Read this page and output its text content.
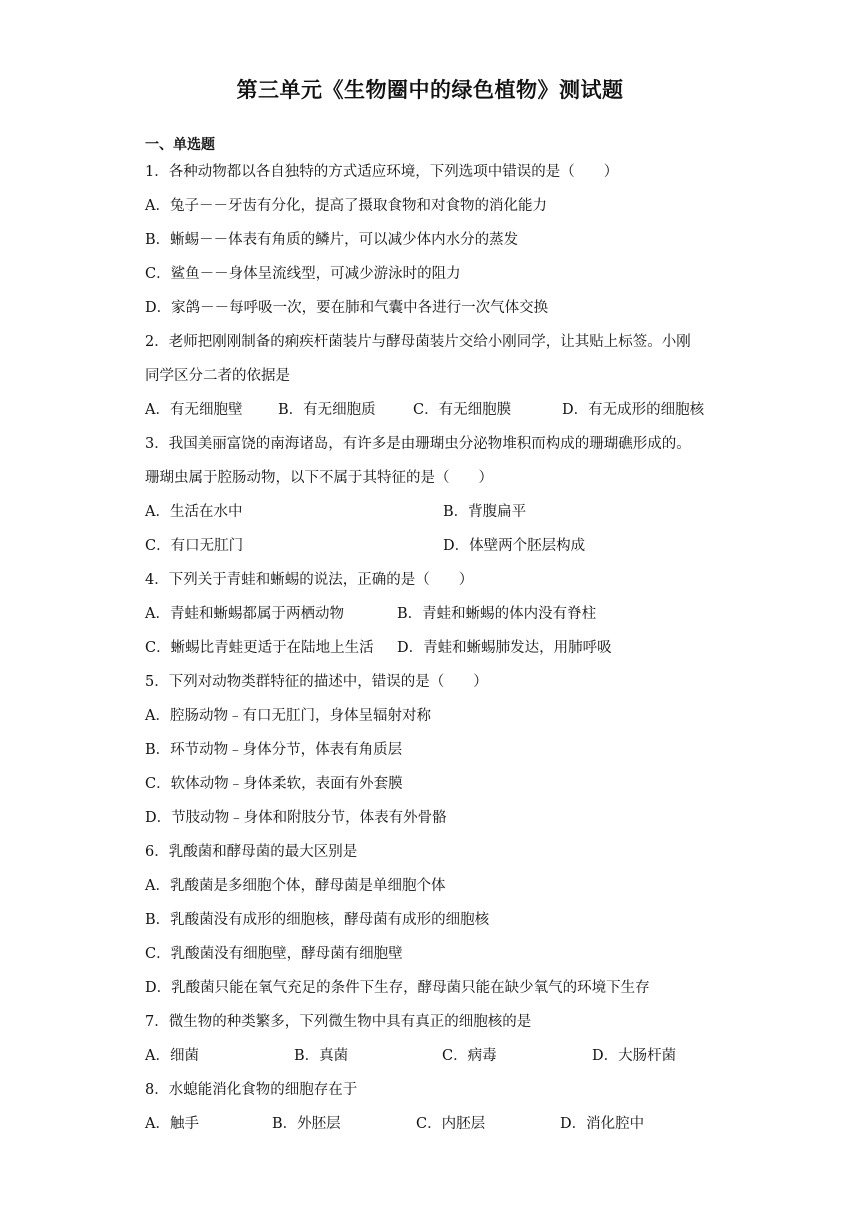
第三单元《生物圈中的绿色植物》测试题
一、单选题
1．各种动物都以各自独特的方式适应环境，下列选项中错误的是（　　）
A．兔子－－牙齿有分化，提高了摄取食物和对食物的消化能力
B．蜥蜴－－体表有角质的鳞片，可以减少体内水分的蒸发
C．鲨鱼－－身体呈流线型，可减少游泳时的阻力
D．家鸽－－每呼吸一次，要在肺和气囊中各进行一次气体交换
2．老师把刚刚制备的痢疾杆菌装片与酵母菌装片交给小刚同学，让其贴上标签。小刚
同学区分二者的依据是
A．有无细胞壁 B．有无细胞质	C．有无细胞膜	D．有无成形的细胞核
3．我国美丽富饶的南海诸岛，有许多是由珊瑚虫分泌物堆积而构成的珊瑚礁形成的。
珊瑚虫属于腔肠动物，以下不属于其特征的是（　　）
A．生活在水中	B．背腹扁平
C．有口无肛门	D．体壁两个胚层构成
4．下列关于青蛙和蜥蜴的说法，正确的是（　　）
A．青蛙和蜥蜴都属于两栖动物	B．青蛙和蜥蜴的体内没有脊柱
C．蜥蜴比青蛙更适于在陆地上生活 D．青蛙和蜥蜴肺发达，用肺呼吸
5．下列对动物类群特征的描述中，错误的是（　　）
A．腔肠动物﹣有口无肛门，身体呈辐射对称
B．环节动物﹣身体分节，体表有角质层
C．软体动物﹣身体柔软，表面有外套膜
D．节肢动物﹣身体和附肢分节，体表有外骨骼
6．乳酸菌和酵母菌的最大区别是
A．乳酸菌是多细胞个体，酵母菌是单细胞个体
B．乳酸菌没有成形的细胞核，酵母菌有成形的细胞核
C．乳酸菌没有细胞壁，酵母菌有细胞壁
D．乳酸菌只能在氧气充足的条件下生存，酵母菌只能在缺少氧气的环境下生存
7．微生物的种类繁多，下列微生物中具有真正的细胞核的是
A．细菌	B．真菌	C．病毒	D．大肠杆菌
8．水螅能消化食物的细胞存在于
A．触手	B．外胚层	C．内胚层	D．消化腔中
